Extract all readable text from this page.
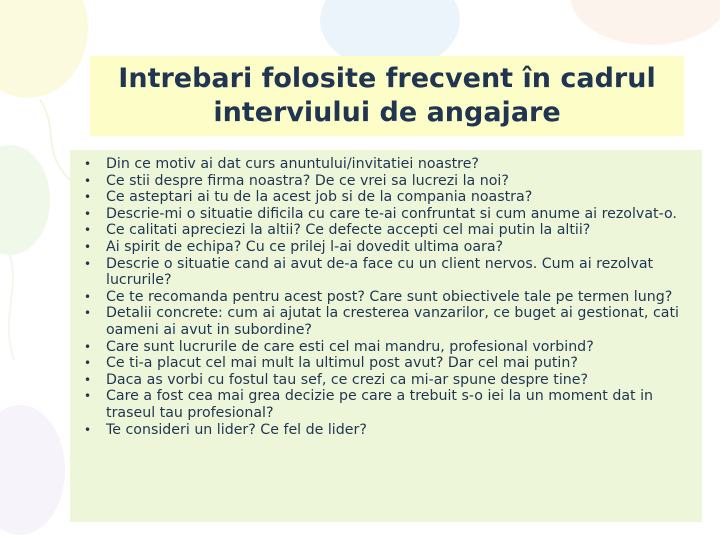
Intrebari folosite frecvent în cadrul interviului de angajare
• Din ce motiv ai dat curs anuntului/invitatiei noastre?
• Ce stii despre firma noastra? De ce vrei sa lucrezi la noi?
• Ce asteptari ai tu de la acest job si de la compania noastra?
• Descrie-mi o situatie dificila cu care te-ai confruntat si cum anume ai rezolvat-o.
• Ce calitati apreciezi la altii? Ce defecte accepti cel mai putin la altii?
• Ai spirit de echipa? Cu ce prilej l-ai dovedit ultima oara?
• Descrie o situatie cand ai avut de-a face cu un client nervos. Cum ai rezolvat lucrurile?
• Ce te recomanda pentru acest post? Care sunt obiectivele tale pe termen lung?
• Detalii concrete: cum ai ajutat la cresterea vanzarilor, ce buget ai gestionat, cati oameni ai avut in subordine?
• Care sunt lucrurile de care esti cel mai mandru, profesional vorbind?
• Ce ti-a placut cel mai mult la ultimul post avut? Dar cel mai putin?
• Daca as vorbi cu fostul tau sef, ce crezi ca mi-ar spune despre tine?
• Care a fost cea mai grea decizie pe care a trebuit s-o iei la un moment dat in traseul tau profesional?
• Te consideri un lider? Ce fel de lider?
